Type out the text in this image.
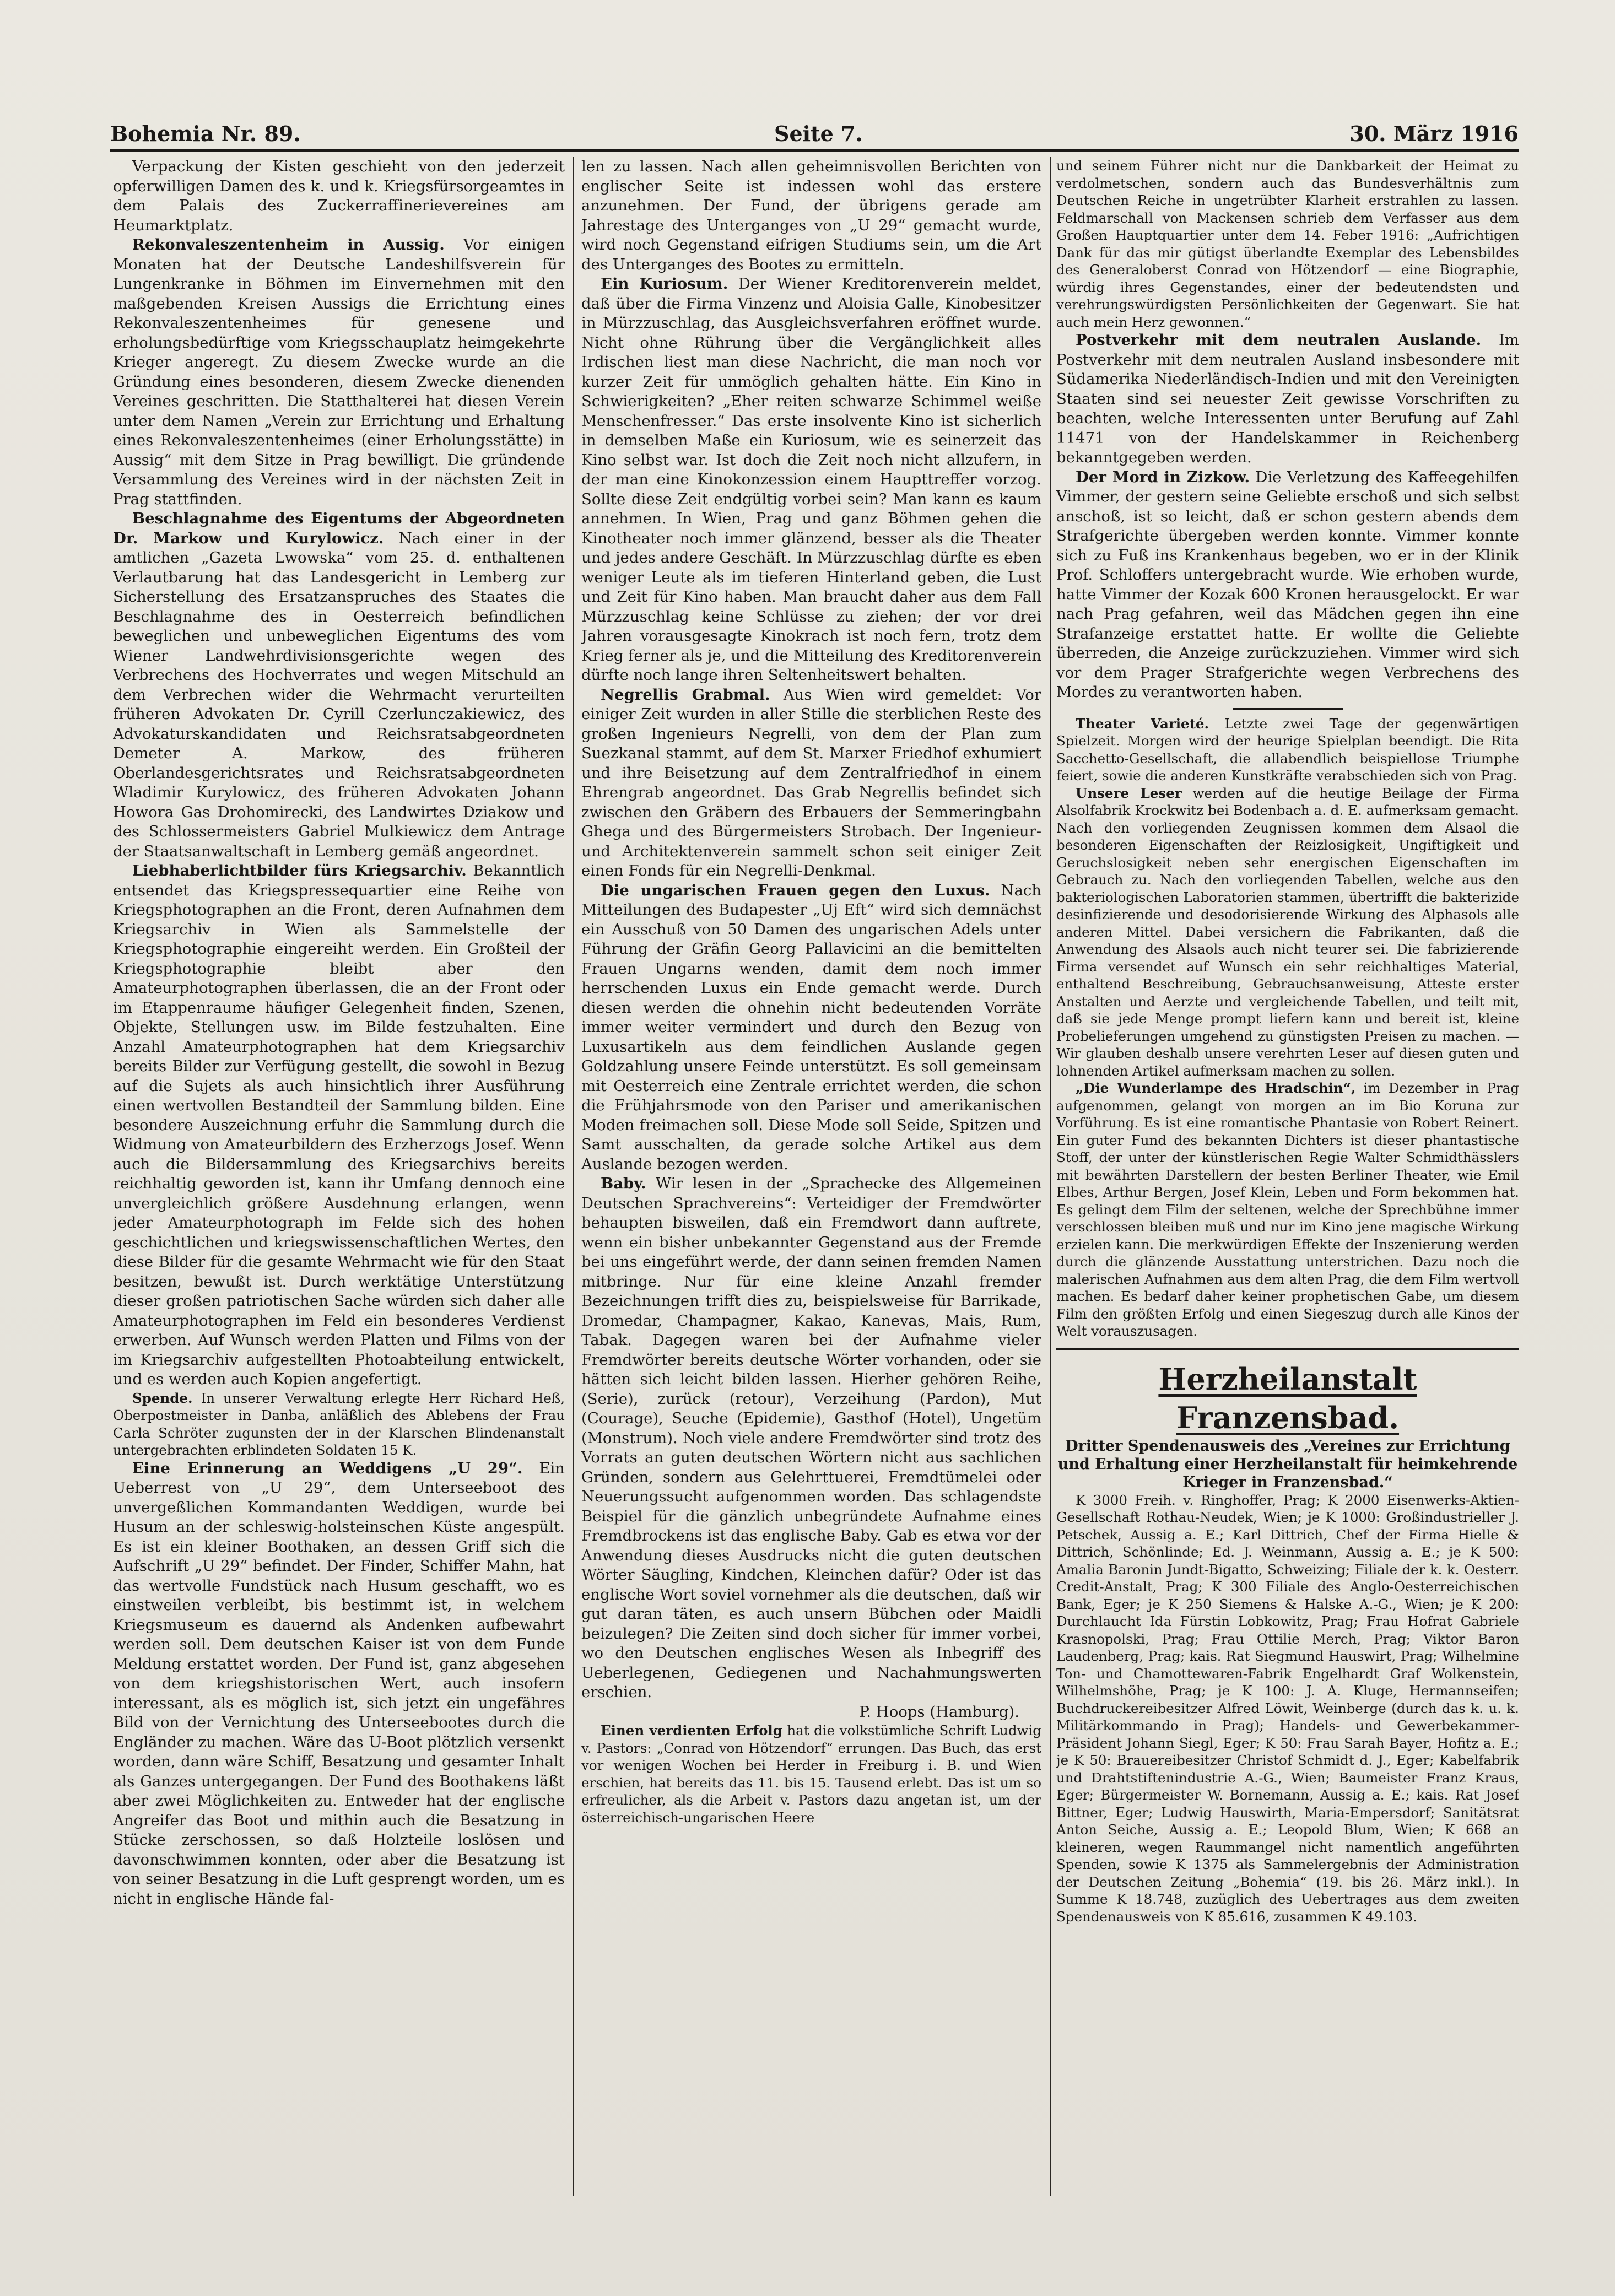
Bohemia Nr. 89.	Seite 7.	30. März 1916

Verpackung der Kisten geschieht von den jederzeit opferwilligen Damen des k. und k. Kriegsfürsorgeamtes in dem Palais des Zuckerraffinerievereines am Heumarktplatz.

Rekonvaleszentenheim in Aussig. Vor einigen Monaten hat der Deutsche Landeshilfsverein für Lungenkranke in Böhmen im Einvernehmen mit den maßgebenden Kreisen Aussigs die Errichtung eines Rekonvaleszentenheimes für genesene und erholungsbedürftige vom Kriegsschauplatz heimgekehrte Krieger angeregt. Zu diesem Zwecke wurde an die Gründung eines besonderen, diesem Zwecke dienenden Vereines geschritten. Die Statthalterei hat diesen Verein unter dem Namen „Verein zur Errichtung und Erhaltung eines Rekonvaleszentenheimes (einer Erholungsstätte) in Aussig“ mit dem Sitze in Prag bewilligt. Die gründende Versammlung des Vereines wird in der nächsten Zeit in Prag stattfinden.

Beschlagnahme des Eigentums der Abgeordneten Dr. Markow und Kurylowicz. Nach einer in der amtlichen „Gazeta Lwowska“ vom 25. d. enthaltenen Verlautbarung hat das Landesgericht in Lemberg zur Sicherstellung des Ersatzanspruches des Staates die Beschlagnahme des in Oesterreich befindlichen beweglichen und unbeweglichen Eigentums des vom Wiener Landwehrdivisionsgerichte wegen des Verbrechens des Hochverrates und wegen Mitschuld an dem Verbrechen wider die Wehrmacht verurteilten früheren Advokaten Dr. Cyrill Czerlunczakiewicz, des Advokaturskandidaten und Reichsratsabgeordneten Demeter A. Markow, des früheren Oberlandesgerichtsrates und Reichsratsabgeordneten Wladimir Kurylowicz, des früheren Advokaten Johann Howora Gas Drohomirecki, des Landwirtes Dziakow und des Schlossermeisters Gabriel Mulkiewicz dem Antrage der Staatsanwaltschaft in Lemberg gemäß angeordnet.

Liebhaberlichtbilder fürs Kriegsarchiv. Bekanntlich entsendet das Kriegspressequartier eine Reihe von Kriegsphotographen an die Front, deren Aufnahmen dem Kriegsarchiv in Wien als Sammelstelle der Kriegsphotographie eingereiht werden. Ein Großteil der Kriegsphotographie bleibt aber den Amateurphotographen überlassen, die an der Front oder im Etappenraume häufiger Gelegenheit finden, Szenen, Objekte, Stellungen usw. im Bilde festzuhalten. Eine Anzahl Amateurphotographen hat dem Kriegsarchiv bereits Bilder zur Verfügung gestellt, die sowohl in Bezug auf die Sujets als auch hinsichtlich ihrer Ausführung einen wertvollen Bestandteil der Sammlung bilden. Eine besondere Auszeichnung erfuhr die Sammlung durch die Widmung von Amateurbildern des Erzherzogs Josef. Wenn auch die Bildersammlung des Kriegsarchivs bereits reichhaltig geworden ist, kann ihr Umfang dennoch eine unvergleichlich größere Ausdehnung erlangen, wenn jeder Amateurphotograph im Felde sich des hohen geschichtlichen und kriegswissenschaftlichen Wertes, den diese Bilder für die gesamte Wehrmacht wie für den Staat besitzen, bewußt ist. Durch werktätige Unterstützung dieser großen patriotischen Sache würden sich daher alle Amateurphotographen im Feld ein besonderes Verdienst erwerben. Auf Wunsch werden Platten und Films von der im Kriegsarchiv aufgestellten Photoabteilung entwickelt, und es werden auch Kopien angefertigt.

Spende. In unserer Verwaltung erlegte Herr Richard Heß, Oberpostmeister in Danba, anläßlich des Ablebens der Frau Carla Schröter zugunsten der in der Klarschen Blindenanstalt untergebrachten erblindeten Soldaten 15 K.

Eine Erinnerung an Weddigens „U 29“. Ein Ueberrest von „U 29“, dem Unterseeboot des unvergeßlichen Kommandanten Weddigen, wurde bei Husum an der schleswig-holsteinschen Küste angespült. Es ist ein kleiner Boothaken, an dessen Griff sich die Aufschrift „U 29“ befindet. Der Finder, Schiffer Mahn, hat das wertvolle Fundstück nach Husum geschafft, wo es einstweilen verbleibt, bis bestimmt ist, in welchem Kriegsmuseum es dauernd als Andenken aufbewahrt werden soll. Dem deutschen Kaiser ist von dem Funde Meldung erstattet worden. Der Fund ist, ganz abgesehen von dem kriegshistorischen Wert, auch insofern interessant, als es möglich ist, sich jetzt ein ungefähres Bild von der Vernichtung des Unterseebootes durch die Engländer zu machen. Wäre das U-Boot plötzlich versenkt worden, dann wäre Schiff, Besatzung und gesamter Inhalt als Ganzes untergegangen. Der Fund des Boothakens läßt aber zwei Möglichkeiten zu. Entweder hat der englische Angreifer das Boot und mithin auch die Besatzung in Stücke zerschossen, so daß Holzteile loslösen und davonschwimmen konnten, oder aber die Besatzung ist von seiner Besatzung in die Luft gesprengt worden, um es nicht in englische Hände fal-

len zu lassen. Nach allen geheimnisvollen Berichten von englischer Seite ist indessen wohl das erstere anzunehmen. Der Fund, der übrigens gerade am Jahrestage des Unterganges von „U 29“ gemacht wurde, wird noch Gegenstand eifrigen Studiums sein, um die Art des Unterganges des Bootes zu ermitteln.

Ein Kuriosum. Der Wiener Kreditorenverein meldet, daß über die Firma Vinzenz und Aloisia Galle, Kinobesitzer in Mürzzuschlag, das Ausgleichsverfahren eröffnet wurde. Nicht ohne Rührung über die Vergänglichkeit alles Irdischen liest man diese Nachricht, die man noch vor kurzer Zeit für unmöglich gehalten hätte. Ein Kino in Schwierigkeiten? „Eher reiten schwarze Schimmel weiße Menschenfresser.“ Das erste insolvente Kino ist sicherlich in demselben Maße ein Kuriosum, wie es seinerzeit das Kino selbst war. Ist doch die Zeit noch nicht allzufern, in der man eine Kinokonzession einem Haupttreffer vorzog. Sollte diese Zeit endgültig vorbei sein? Man kann es kaum annehmen. In Wien, Prag und ganz Böhmen gehen die Kinotheater noch immer glänzend, besser als die Theater und jedes andere Geschäft. In Mürzzuschlag dürfte es eben weniger Leute als im tieferen Hinterland geben, die Lust und Zeit für Kino haben. Man braucht daher aus dem Fall Mürzzuschlag keine Schlüsse zu ziehen; der vor drei Jahren vorausgesagte Kinokrach ist noch fern, trotz dem Krieg ferner als je, und die Mitteilung des Kreditorenverein dürfte noch lange ihren Seltenheitswert behalten.

Negrellis Grabmal. Aus Wien wird gemeldet: Vor einiger Zeit wurden in aller Stille die sterblichen Reste des großen Ingenieurs Negrelli, von dem der Plan zum Suezkanal stammt, auf dem St. Marxer Friedhof exhumiert und ihre Beisetzung auf dem Zentralfriedhof in einem Ehrengrab angeordnet. Das Grab Negrellis befindet sich zwischen den Gräbern des Erbauers der Semmeringbahn Ghega und des Bürgermeisters Strobach. Der Ingenieur- und Architektenverein sammelt schon seit einiger Zeit einen Fonds für ein Negrelli-Denkmal.

Die ungarischen Frauen gegen den Luxus. Nach Mitteilungen des Budapester „Uj Eft“ wird sich demnächst ein Ausschuß von 50 Damen des ungarischen Adels unter Führung der Gräfin Georg Pallavicini an die bemittelten Frauen Ungarns wenden, damit dem noch immer herrschenden Luxus ein Ende gemacht werde. Durch diesen werden die ohnehin nicht bedeutenden Vorräte immer weiter vermindert und durch den Bezug von Luxusartikeln aus dem feindlichen Auslande gegen Goldzahlung unsere Feinde unterstützt. Es soll gemeinsam mit Oesterreich eine Zentrale errichtet werden, die schon die Frühjahrsmode von den Pariser und amerikanischen Moden freimachen soll. Diese Mode soll Seide, Spitzen und Samt ausschalten, da gerade solche Artikel aus dem Auslande bezogen werden.

Baby. Wir lesen in der „Sprachecke des Allgemeinen Deutschen Sprachvereins“: Verteidiger der Fremdwörter behaupten bisweilen, daß ein Fremdwort dann auftrete, wenn ein bisher unbekannter Gegenstand aus der Fremde bei uns eingeführt werde, der dann seinen fremden Namen mitbringe. Nur für eine kleine Anzahl fremder Bezeichnungen trifft dies zu, beispielsweise für Barrikade, Dromedar, Champagner, Kakao, Kanevas, Mais, Rum, Tabak. Dagegen waren bei der Aufnahme vieler Fremdwörter bereits deutsche Wörter vorhanden, oder sie hätten sich leicht bilden lassen. Hierher gehören Reihe, (Serie), zurück (retour), Verzeihung (Pardon), Mut (Courage), Seuche (Epidemie), Gasthof (Hotel), Ungetüm (Monstrum). Noch viele andere Fremdwörter sind trotz des Vorrats an guten deutschen Wörtern nicht aus sachlichen Gründen, sondern aus Gelehrttuerei, Fremdtümelei oder Neuerungssucht aufgenommen worden. Das schlagendste Beispiel für die gänzlich unbegründete Aufnahme eines Fremdbrockens ist das englische Baby. Gab es etwa vor der Anwendung dieses Ausdrucks nicht die guten deutschen Wörter Säugling, Kindchen, Kleinchen dafür? Oder ist das englische Wort soviel vornehmer als die deutschen, daß wir gut daran täten, es auch unsern Bübchen oder Maidli beizulegen? Die Zeiten sind doch sicher für immer vorbei, wo den Deutschen englisches Wesen als Inbegriff des Ueberlegenen, Gediegenen und Nachahmungswerten erschien.

P. Hoops (Hamburg).

Einen verdienten Erfolg hat die volkstümliche Schrift Ludwig v. Pastors: „Conrad von Hötzendorf“ errungen. Das Buch, das erst vor wenigen Wochen bei Herder in Freiburg i. B. und Wien erschien, hat bereits das 11. bis 15. Tausend erlebt. Das ist um so erfreulicher, als die Arbeit v. Pastors dazu angetan ist, um der österreichisch-ungarischen Heere

und seinem Führer nicht nur die Dankbarkeit der Heimat zu verdolmetschen, sondern auch das Bundesverhältnis zum Deutschen Reiche in ungetrübter Klarheit erstrahlen zu lassen. Feldmarschall von Mackensen schrieb dem Verfasser aus dem Großen Hauptquartier unter dem 14. Feber 1916: „Aufrichtigen Dank für das mir gütigst überlandte Exemplar des Lebensbildes des Generaloberst Conrad von Hötzendorf — eine Biographie, würdig ihres Gegenstandes, einer der bedeutendsten und verehrungswürdigsten Persönlichkeiten der Gegenwart. Sie hat auch mein Herz gewonnen.“

Postverkehr mit dem neutralen Auslande. Im Postverkehr mit dem neutralen Ausland insbesondere mit Südamerika Niederländisch-Indien und mit den Vereinigten Staaten sind sei neuester Zeit gewisse Vorschriften zu beachten, welche Interessenten unter Berufung auf Zahl 11471 von der Handelskammer in Reichenberg bekanntgegeben werden.

Der Mord in Zizkow. Die Verletzung des Kaffeegehilfen Vimmer, der gestern seine Geliebte erschoß und sich selbst anschoß, ist so leicht, daß er schon gestern abends dem Strafgerichte übergeben werden konnte. Vimmer konnte sich zu Fuß ins Krankenhaus begeben, wo er in der Klinik Prof. Schloffers untergebracht wurde. Wie erhoben wurde, hatte Vimmer der Kozak 600 Kronen herausgelockt. Er war nach Prag gefahren, weil das Mädchen gegen ihn eine Strafanzeige erstattet hatte. Er wollte die Geliebte überreden, die Anzeige zurückzuziehen. Vimmer wird sich vor dem Prager Strafgerichte wegen Verbrechens des Mordes zu verantworten haben.

Theater Varieté. Letzte zwei Tage der gegenwärtigen Spielzeit. Morgen wird der heurige Spielplan beendigt. Die Rita Sacchetto-Gesellschaft, die allabendlich beispiellose Triumphe feiert, sowie die anderen Kunstkräfte verabschieden sich von Prag.

Unsere Leser werden auf die heutige Beilage der Firma Alsolfabrik Krockwitz bei Bodenbach a. d. E. aufmerksam gemacht. Nach den vorliegenden Zeugnissen kommen dem Alsaol die besonderen Eigenschaften der Reizlosigkeit, Ungiftigkeit und Geruchslosigkeit neben sehr energischen Eigenschaften im Gebrauch zu. Nach den vorliegenden Tabellen, welche aus den bakteriologischen Laboratorien stammen, übertrifft die bakterizide desinfizierende und desodorisierende Wirkung des Alphasols alle anderen Mittel. Dabei versichern die Fabrikanten, daß die Anwendung des Alsaols auch nicht teurer sei. Die fabrizierende Firma versendet auf Wunsch ein sehr reichhaltiges Material, enthaltend Beschreibung, Gebrauchsanweisung, Atteste erster Anstalten und Aerzte und vergleichende Tabellen, und teilt mit, daß sie jede Menge prompt liefern kann und bereit ist, kleine Probelieferungen umgehend zu günstigsten Preisen zu machen. — Wir glauben deshalb unsere verehrten Leser auf diesen guten und lohnenden Artikel aufmerksam machen zu sollen.

„Die Wunderlampe des Hradschin“, im Dezember in Prag aufgenommen, gelangt von morgen an im Bio Koruna zur Vorführung. Es ist eine romantische Phantasie von Robert Reinert. Ein guter Fund des bekannten Dichters ist dieser phantastische Stoff, der unter der künstlerischen Regie Walter Schmidthässlers mit bewährten Darstellern der besten Berliner Theater, wie Emil Elbes, Arthur Bergen, Josef Klein, Leben und Form bekommen hat. Es gelingt dem Film der seltenen, welche der Sprechbühne immer verschlossen bleiben muß und nur im Kino jene magische Wirkung erzielen kann. Die merkwürdigen Effekte der Inszenierung werden durch die glänzende Ausstattung unterstrichen. Dazu noch die malerischen Aufnahmen aus dem alten Prag, die dem Film wertvoll machen. Es bedarf daher keiner prophetischen Gabe, um diesem Film den größten Erfolg und einen Siegeszug durch alle Kinos der Welt vorauszusagen.

Herzheilanstalt Franzensbad.

Dritter Spendenausweis des „Vereines zur Errichtung und Erhaltung einer Herzheilanstalt für heimkehrende Krieger in Franzensbad.“

K 3000 Freih. v. Ringhoffer, Prag; K 2000 Eisenwerks-Aktien-Gesellschaft Rothau-Neudek, Wien; je K 1000: Großindustrieller J. Petschek, Aussig a. E.; Karl Dittrich, Chef der Firma Hielle & Dittrich, Schönlinde; Ed. J. Weinmann, Aussig a. E.; je K 500: Amalia Baronin Jundt-Bigatto, Schweizing; Filiale der k. k. Oesterr. Credit-Anstalt, Prag; K 300 Filiale des Anglo-Oesterreichischen Bank, Eger; je K 250 Siemens & Halske A.-G., Wien; je K 200: Durchlaucht Ida Fürstin Lobkowitz, Prag; Frau Hofrat Gabriele Krasnopolski, Prag; Frau Ottilie Merch, Prag; Viktor Baron Laudenberg, Prag; kais. Rat Siegmund Hauswirt, Prag; Wilhelmine Ton- und Chamottewaren-Fabrik Engelhardt Graf Wolkenstein, Wilhelmshöhe, Prag; je K 100: J. A. Kluge, Hermannseifen; Buchdruckereibesitzer Alfred Löwit, Weinberge (durch das k. u. k. Militärkommando in Prag); Handels- und Gewerbekammer-Präsident Johann Siegl, Eger; K 50: Frau Sarah Bayer, Hofitz a. E.; je K 50: Brauereibesitzer Christof Schmidt d. J., Eger; Kabelfabrik und Drahtstiftenindustrie A.-G., Wien; Baumeister Franz Kraus, Eger; Bürgermeister W. Bornemann, Aussig a. E.; kais. Rat Josef Bittner, Eger; Ludwig Hauswirth, Maria-Empersdorf; Sanitätsrat Anton Seiche, Aussig a. E.; Leopold Blum, Wien; K 668 an kleineren, wegen Raummangel nicht namentlich angeführten Spenden, sowie K 1375 als Sammelergebnis der Administration der Deutschen Zeitung „Bohemia“ (19. bis 26. März inkl.). In Summe K 18.748, zuzüglich des Uebertrages aus dem zweiten Spendenausweis von K 85.616, zusammen K 49.103.
